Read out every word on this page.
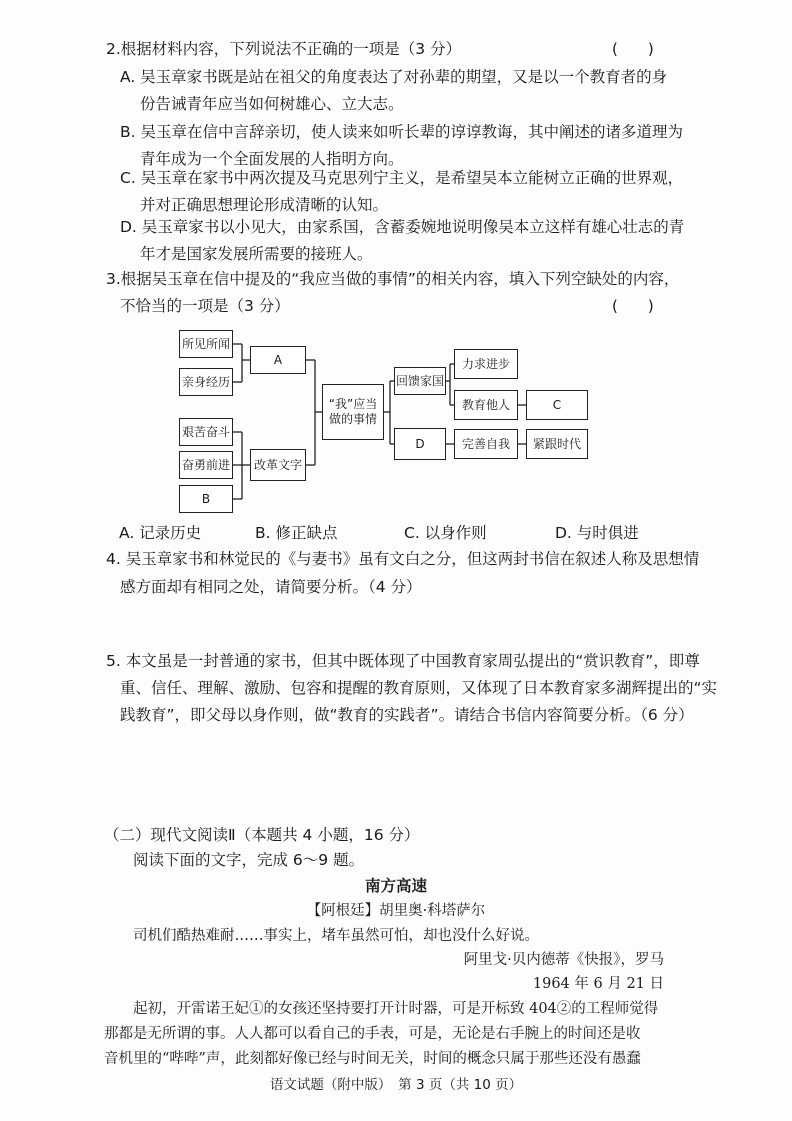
2.根据材料内容，下列说法不正确的一项是（3 分）	(　　)
A. 吴玉章家书既是站在祖父的角度表达了对孙辈的期望，又是以一个教育者的身
份告诫青年应当如何树雄心、立大志。
B. 吴玉章在信中言辞亲切，使人读来如听长辈的谆谆教诲，其中阐述的诸多道理为
青年成为一个全面发展的人指明方向。
C. 吴玉章在家书中两次提及马克思列宁主义，是希望吴本立能树立正确的世界观，
并对正确思想理论形成清晰的认知。
D. 吴玉章家书以小见大，由家系国，含蓄委婉地说明像吴本立这样有雄心壮志的青
年才是国家发展所需要的接班人。
3.根据吴玉章在信中提及的“我应当做的事情”的相关内容，填入下列空缺处的内容，
不恰当的一项是（3 分）	(　　)
所见所闻
亲身经历
A
艰苦奋斗
奋勇前进
B
改革文字
“我”应当
做的事情
回馈家国
D
力求进步
教育他人	C
完善自我	紧跟时代
A. 记录历史	B. 修正缺点	C. 以身作则	D. 与时俱进
4. 吴玉章家书和林觉民的《与妻书》虽有文白之分，但这两封书信在叙述人称及思想情
感方面却有相同之处，请简要分析。（4 分）
5. 本文虽是一封普通的家书，但其中既体现了中国教育家周弘提出的“赏识教育”，即尊
重、信任、理解、激励、包容和提醒的教育原则，又体现了日本教育家多湖辉提出的“实
践教育”，即父母以身作则，做“教育的实践者”。请结合书信内容简要分析。（6 分）
（二）现代文阅读Ⅱ（本题共 4 小题，16 分）
阅读下面的文字，完成 6～9 题。
南方高速
【阿根廷】胡里奥·科塔萨尔
司机们酷热难耐……事实上，堵车虽然可怕，却也没什么好说。
阿里戈·贝内德蒂《快报》，罗马
1964 年 6 月 21 日
起初，开雷诺王妃①的女孩还坚持要打开计时器，可是开标致 404②的工程师觉得
那都是无所谓的事。人人都可以看自己的手表，可是，无论是右手腕上的时间还是收
音机里的“哔哔”声，此刻都好像已经与时间无关，时间的概念只属于那些还没有愚蠢
语文试题（附中版）　第 3 页（共 10 页）
